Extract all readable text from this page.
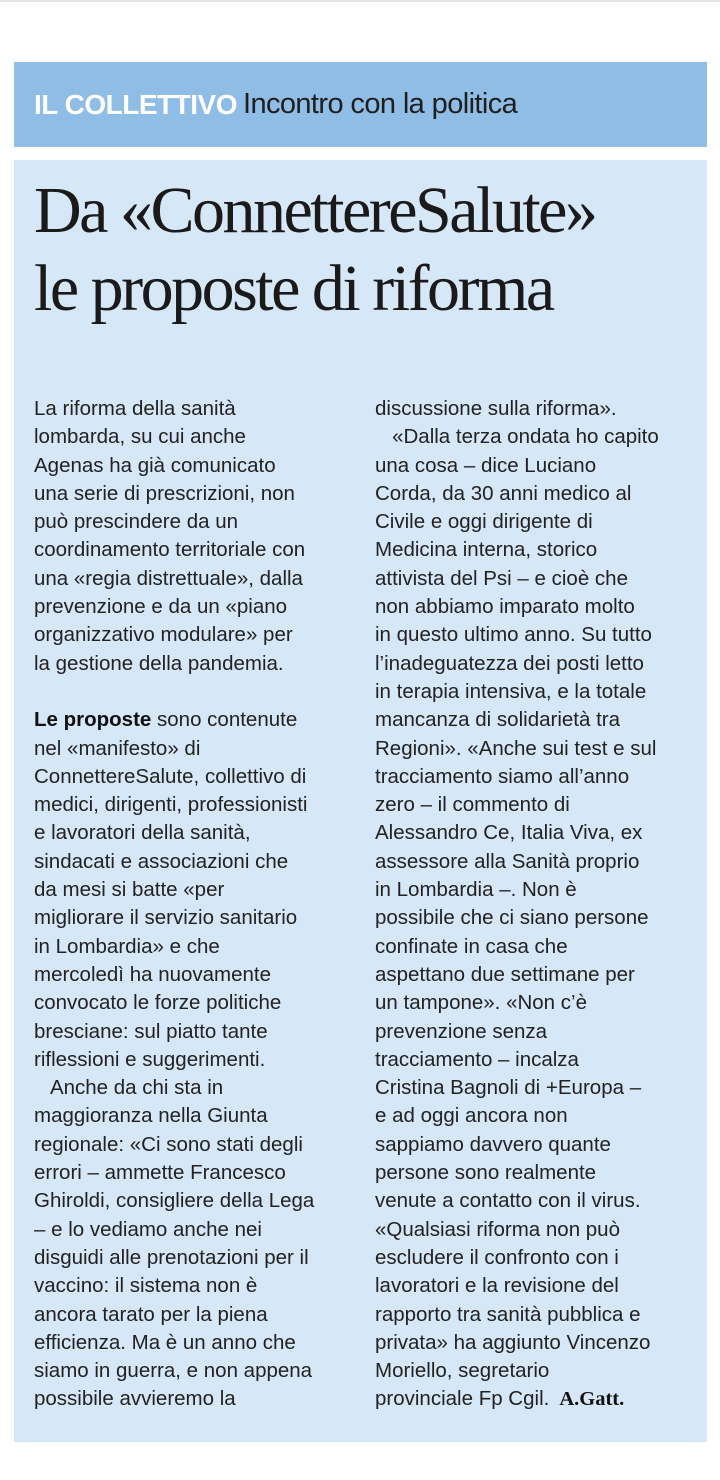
IL COLLETTIVO Incontro con la politica
Da «ConnettereSalute»
le proposte di riforma

La riforma della sanità
lombarda, su cui anche
Agenas ha già comunicato
una serie di prescrizioni, non
può prescindere da un
coordinamento territoriale con
una «regia distrettuale», dalla
prevenzione e da un «piano
organizzativo modulare» per
la gestione della pandemia.

Le proposte sono contenute
nel «manifesto» di
ConnettereSalute, collettivo di
medici, dirigenti, professionisti
e lavoratori della sanità,
sindacati e associazioni che
da mesi si batte «per
migliorare il servizio sanitario
in Lombardia» e che
mercoledì ha nuovamente
convocato le forze politiche
bresciane: sul piatto tante
riflessioni e suggerimenti.

Anche da chi sta in
maggioranza nella Giunta
regionale: «Ci sono stati degli
errori – ammette Francesco
Ghiroldi, consigliere della Lega
– e lo vediamo anche nei
disguidi alle prenotazioni per il
vaccino: il sistema non è
ancora tarato per la piena
efficienza. Ma è un anno che
siamo in guerra, e non appena
possibile avvieremo la

discussione sulla riforma».
«Dalla terza ondata ho capito
una cosa – dice Luciano
Corda, da 30 anni medico al
Civile e oggi dirigente di
Medicina interna, storico
attivista del Psi – e cioè che
non abbiamo imparato molto
in questo ultimo anno. Su tutto
l’inadeguatezza dei posti letto
in terapia intensiva, e la totale
mancanza di solidarietà tra
Regioni». «Anche sui test e sul
tracciamento siamo all’anno
zero – il commento di
Alessandro Ce, Italia Viva, ex
assessore alla Sanità proprio
in Lombardia –. Non è
possibile che ci siano persone
confinate in casa che
aspettano due settimane per
un tampone». «Non c’è
prevenzione senza
tracciamento – incalza
Cristina Bagnoli di +Europa –
e ad oggi ancora non
sappiamo davvero quante
persone sono realmente
venute a contatto con il virus.
«Qualsiasi riforma non può
escludere il confronto con i
lavoratori e la revisione del
rapporto tra sanità pubblica e
privata» ha aggiunto Vincenzo
Moriello, segretario
provinciale Fp Cgil. A.Gatt.
